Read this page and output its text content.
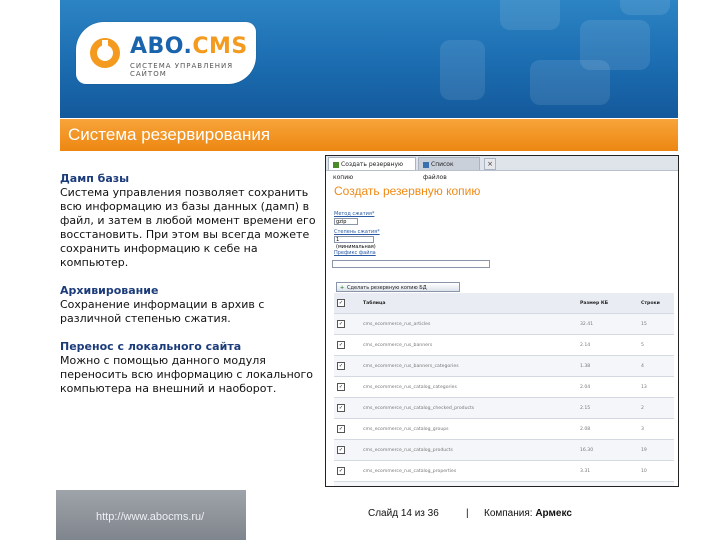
ABO.CMS
СИСТЕМА УПРАВЛЕНИЯ САЙТОМ
Система резервирования
Дамп базы
Система управления позволяет сохранить всю информацию из базы данных (дамп) в файл, и затем в любой момент времени его восстановить. При этом вы всегда можете сохранить информацию к себе на компьютер.
Архивирование
Сохранение информации в архив с различной степенью сжатия.
Перенос с локального сайта
Можно с помощью данного модуля переносить всю информацию с локального компьютера на внешний и наоборот.
Создать резервную копию
Список файлов
×
Создать резервную копию
Метод сжатия*
gzip
Степень сжатия*
1 (минимальная)
Префикс файла
+ Сделать резервную копию БД
✓	Таблица	Размер КБ	Строки
✓	cms_ecommerce_rus_articles	32.41	15
✓	cms_ecommerce_rus_banners	2.14	5
✓	cms_ecommerce_rus_banners_categories	1.38	4
✓	cms_ecommerce_rus_catalog_categories	2.04	13
✓	cms_ecommerce_rus_catalog_checked_products	2.15	2
✓	cms_ecommerce_rus_catalog_groups	2.08	3
✓	cms_ecommerce_rus_catalog_products	16.30	19
✓	cms_ecommerce_rus_catalog_properties	3.31	10

http://www.abocms.ru/	Слайд 14 из 36	| Компания: Армекс
